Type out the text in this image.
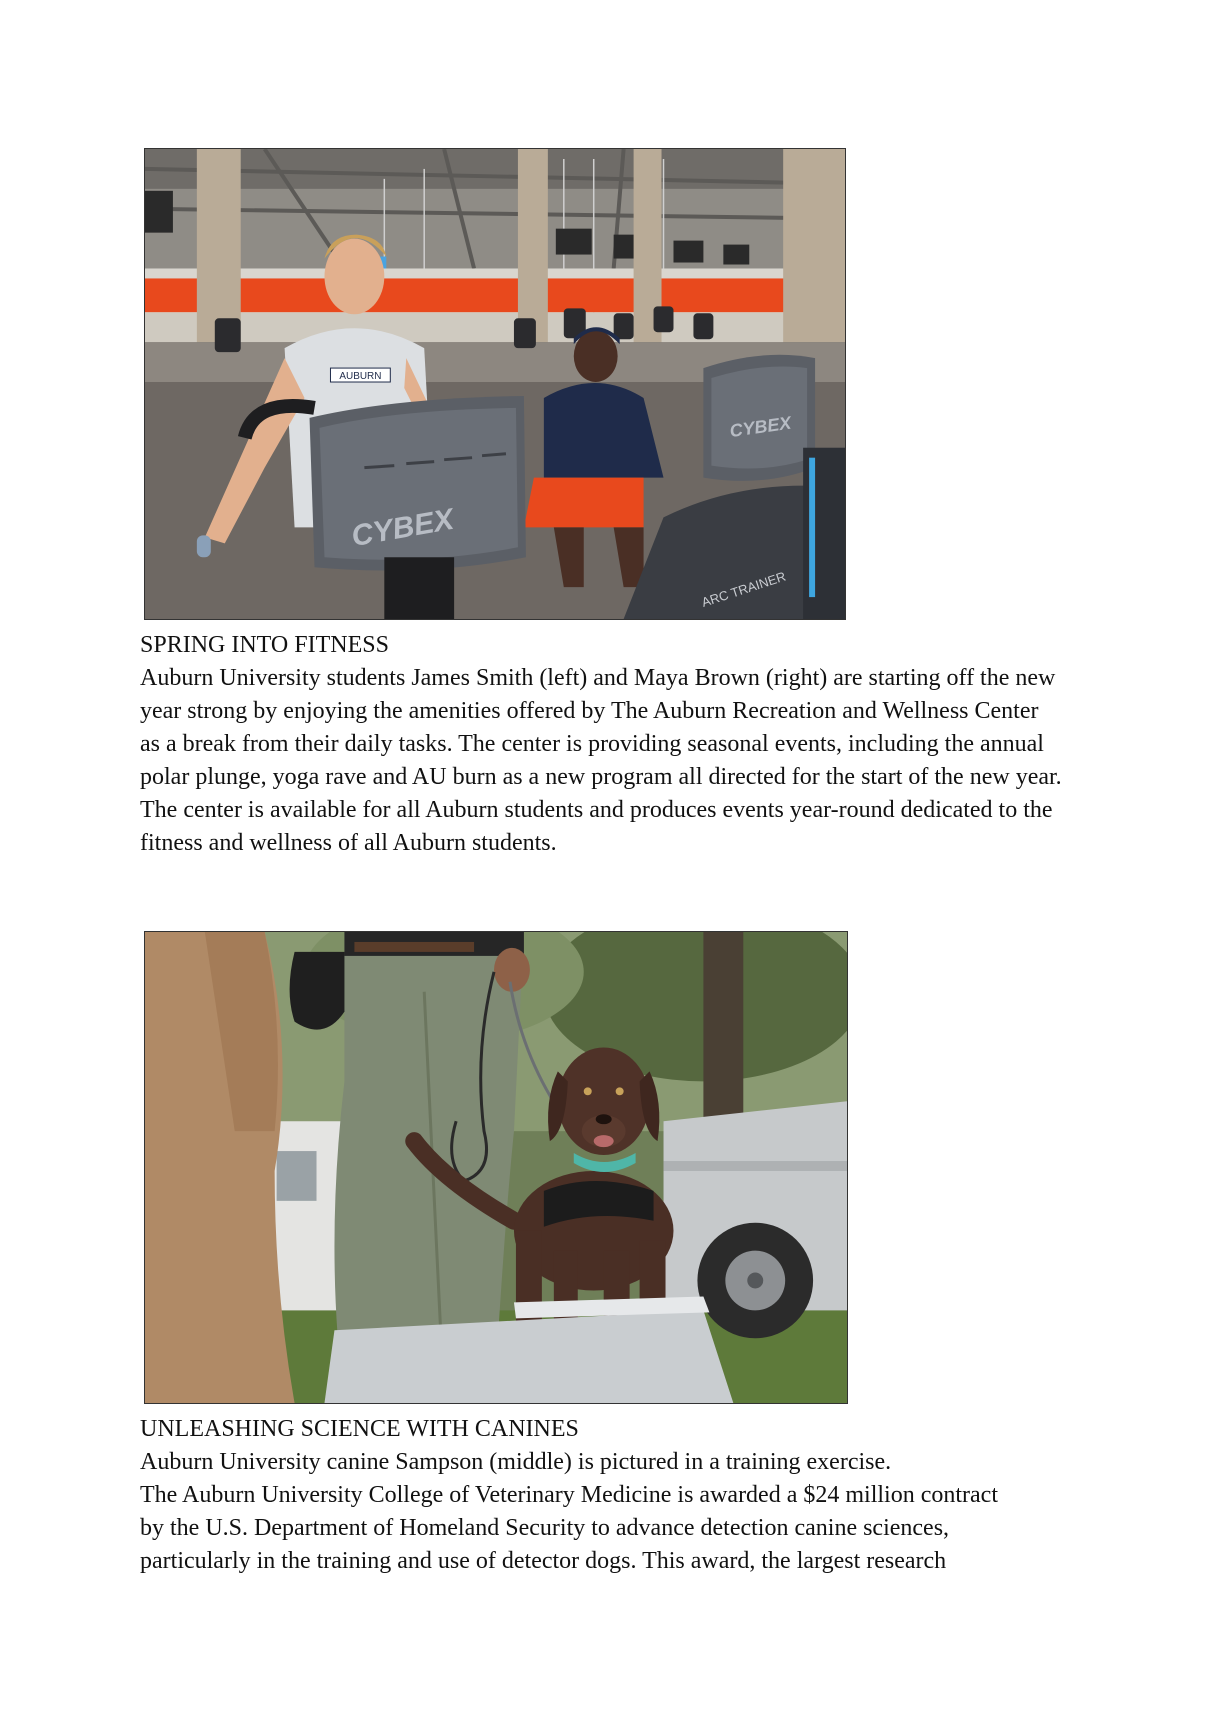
AUBURN
CYBEX
CYBEX
ARC TRAINER
SPRING INTO FITNESS
Auburn University students James Smith (left) and Maya Brown (right) are starting off the new
year strong by enjoying the amenities offered by The Auburn Recreation and Wellness Center
as a break from their daily tasks. The center is providing seasonal events, including the annual
polar plunge, yoga rave and AU burn as a new program all directed for the start of the new year.
The center is available for all Auburn students and produces events year-round dedicated to the
fitness and wellness of all Auburn students.
UNLEASHING SCIENCE WITH CANINES
Auburn University canine Sampson (middle) is pictured in a training exercise.
The Auburn University College of Veterinary Medicine is awarded a $24 million contract
by the U.S. Department of Homeland Security to advance detection canine sciences,
particularly in the training and use of detector dogs. This award, the largest research
